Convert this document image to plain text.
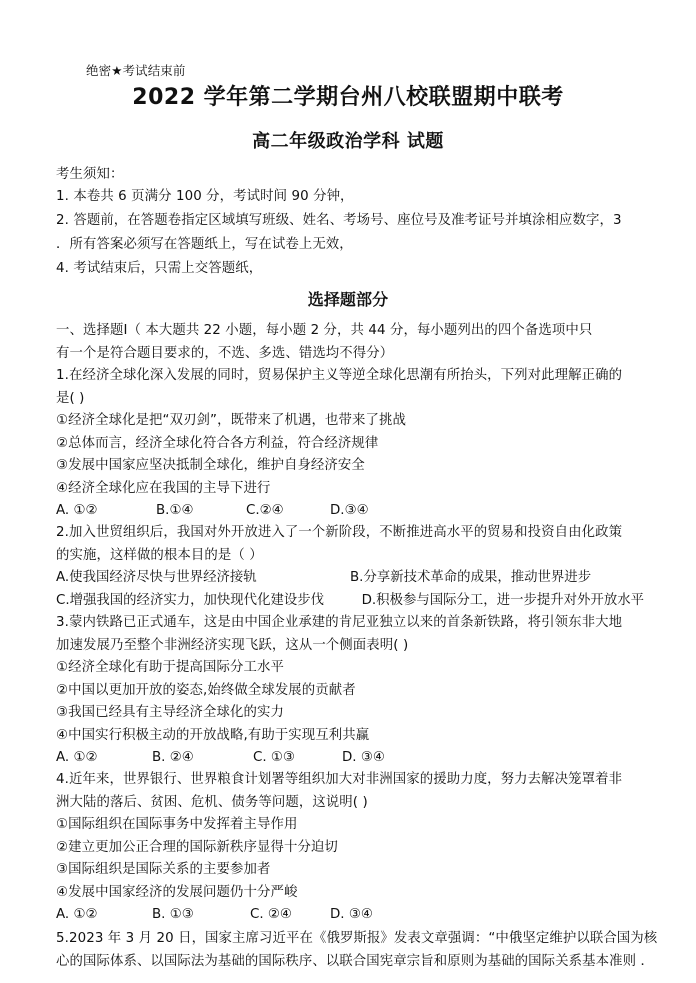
绝密★考试结束前
2022 学年第二学期台州八校联盟期中联考
高二年级政治学科 试题
考生须知：
1. 本卷共 6 页满分 100 分，考试时间 90 分钟，
2. 答题前，在答题卷指定区域填写班级、姓名、考场号、座位号及准考证号并填涂相应数字，3
．所有答案必须写在答题纸上，写在试卷上无效，
4. 考试结束后，只需上交答题纸，
选择题部分
一、选择题Ⅰ（ 本大题共 22 小题，每小题 2 分，共 44 分，每小题列出的四个备选项中只
有一个是符合题目要求的，不选、多选、错选均不得分）
1.在经济全球化深入发展的同时，贸易保护主义等逆全球化思潮有所抬头，下列对此理解正确的
是( )
①经济全球化是把“双刃剑”，既带来了机遇，也带来了挑战
②总体而言，经济全球化符合各方利益，符合经济规律
③发展中国家应坚决抵制全球化，维护自身经济安全
④经济全球化应在我国的主导下进行
A. ①②	B.①④	C.②④	D.③④
2.加入世贸组织后，我国对外开放进入了一个新阶段，不断推进高水平的贸易和投资自由化政策
的实施，这样做的根本目的是（ ）
A.使我国经济尽快与世界经济接轨	B.分享新技术革命的成果，推动世界进步
C.增强我国的经济实力，加快现代化建设步伐	D.积极参与国际分工，进一步提升对外开放水平
3.蒙内铁路已正式通车，这是由中国企业承建的肯尼亚独立以来的首条新铁路，将引领东非大地
加速发展乃至整个非洲经济实现飞跃，这从一个侧面表明( )
①经济全球化有助于提高国际分工水平
②中国以更加开放的姿态,始终做全球发展的贡献者
③我国已经具有主导经济全球化的实力
④中国实行积极主动的开放战略,有助于实现互利共赢
A. ①②	B. ②④	C. ①③	D. ③④
4.近年来，世界银行、世界粮食计划署等组织加大对非洲国家的援助力度，努力去解决笼罩着非
洲大陆的落后、贫困、危机、债务等问题，这说明( )
①国际组织在国际事务中发挥着主导作用
②建立更加公正合理的国际新秩序显得十分迫切
③国际组织是国际关系的主要参加者
④发展中国家经济的发展问题仍十分严峻
A. ①②	B. ①③	C. ②④	D. ③④
5.2023 年 3 月 20 日，国家主席习近平在《俄罗斯报》发表文章强调：“中俄坚定维护以联合国为核
心的国际体系、以国际法为基础的国际秩序、以联合国宪章宗旨和原则为基础的国际关系基本准则 ．
